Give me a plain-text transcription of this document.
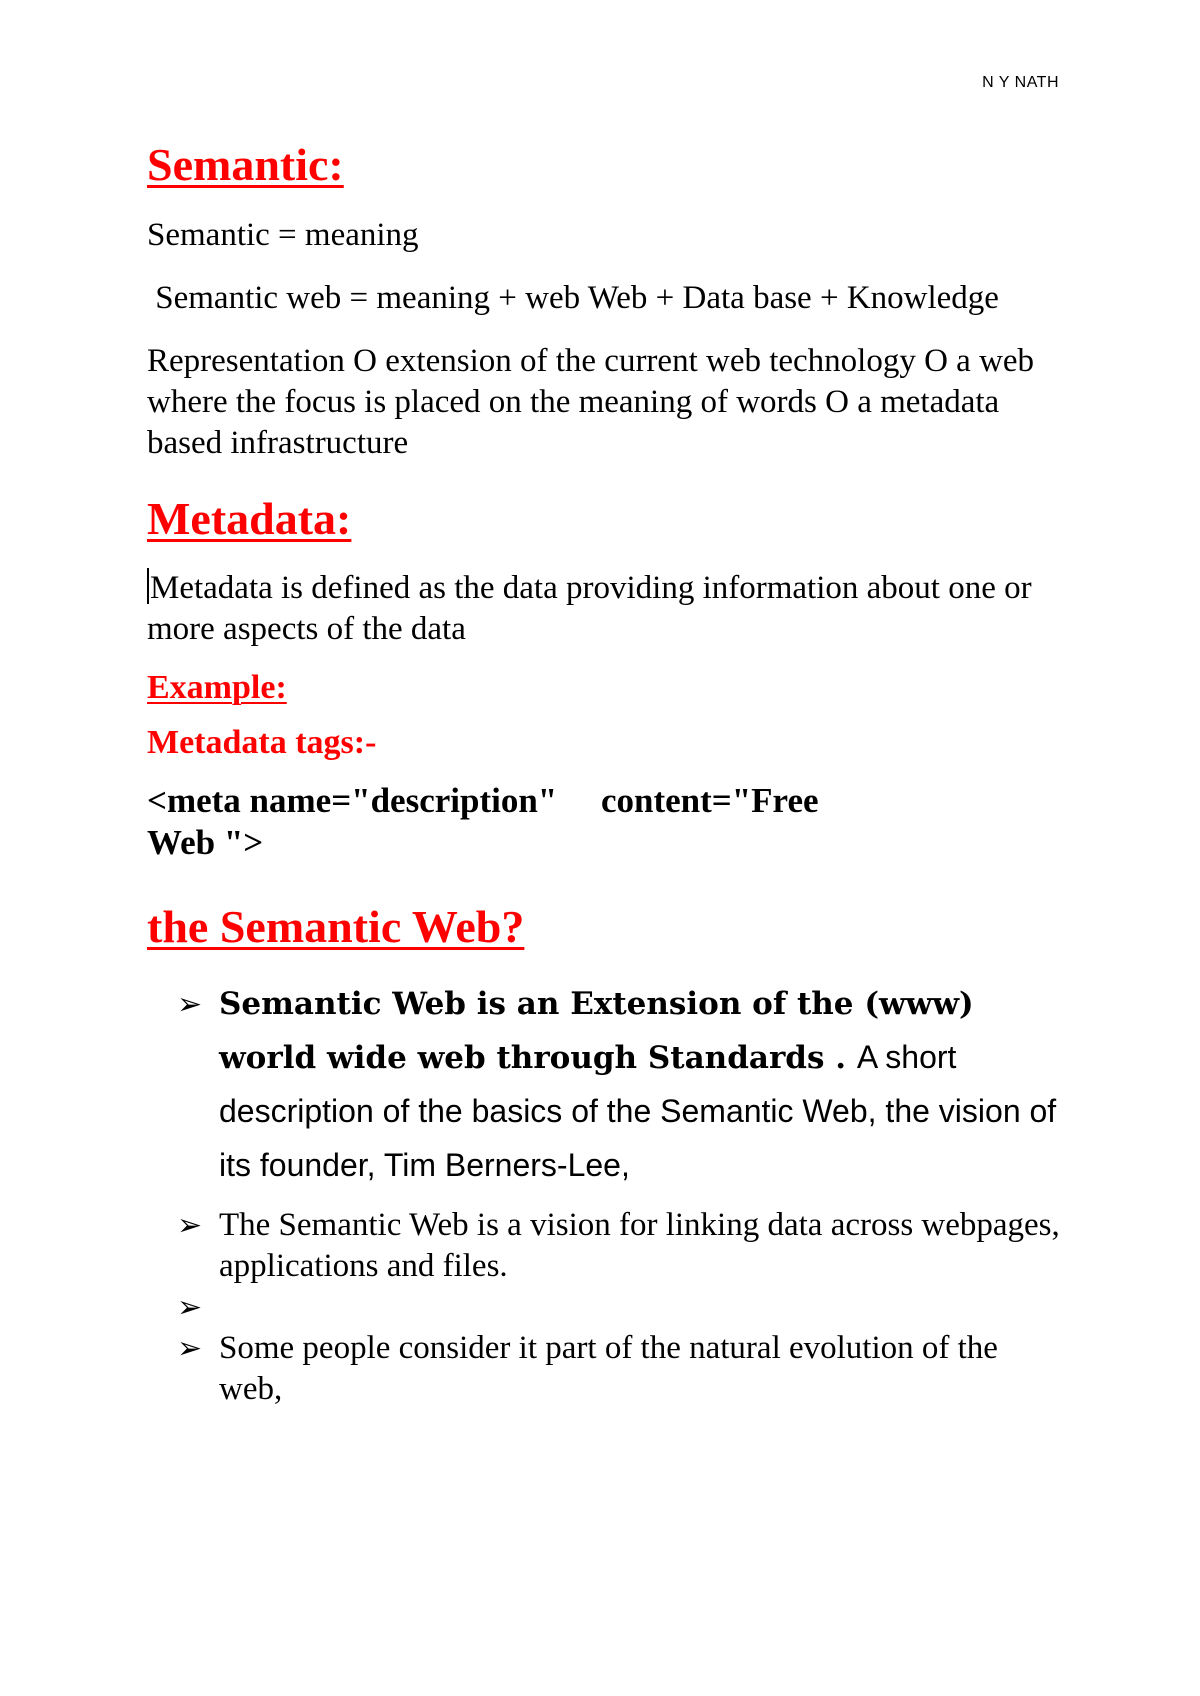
N Y NATH
Semantic:

Semantic = meaning

Semantic web = meaning + web Web + Data base + Knowledge

Representation O extension of the current web technology O a web where the focus is placed on the meaning of words O a metadata based infrastructure

Metadata:

Metadata is defined as the data providing information about one or more aspects of the data

Example:

Metadata tags:-

<meta name="description"     content="Free

Web ">

the Semantic Web?
➢ Semantic Web is an Extension of the (www) world wide web through Standards . A short description of the basics of the Semantic Web, the vision of its founder, Tim Berners-Lee,
➢ The Semantic Web is a vision for linking data across webpages, applications and files.
➢
➢ Some people consider it part of the natural evolution of the web,
